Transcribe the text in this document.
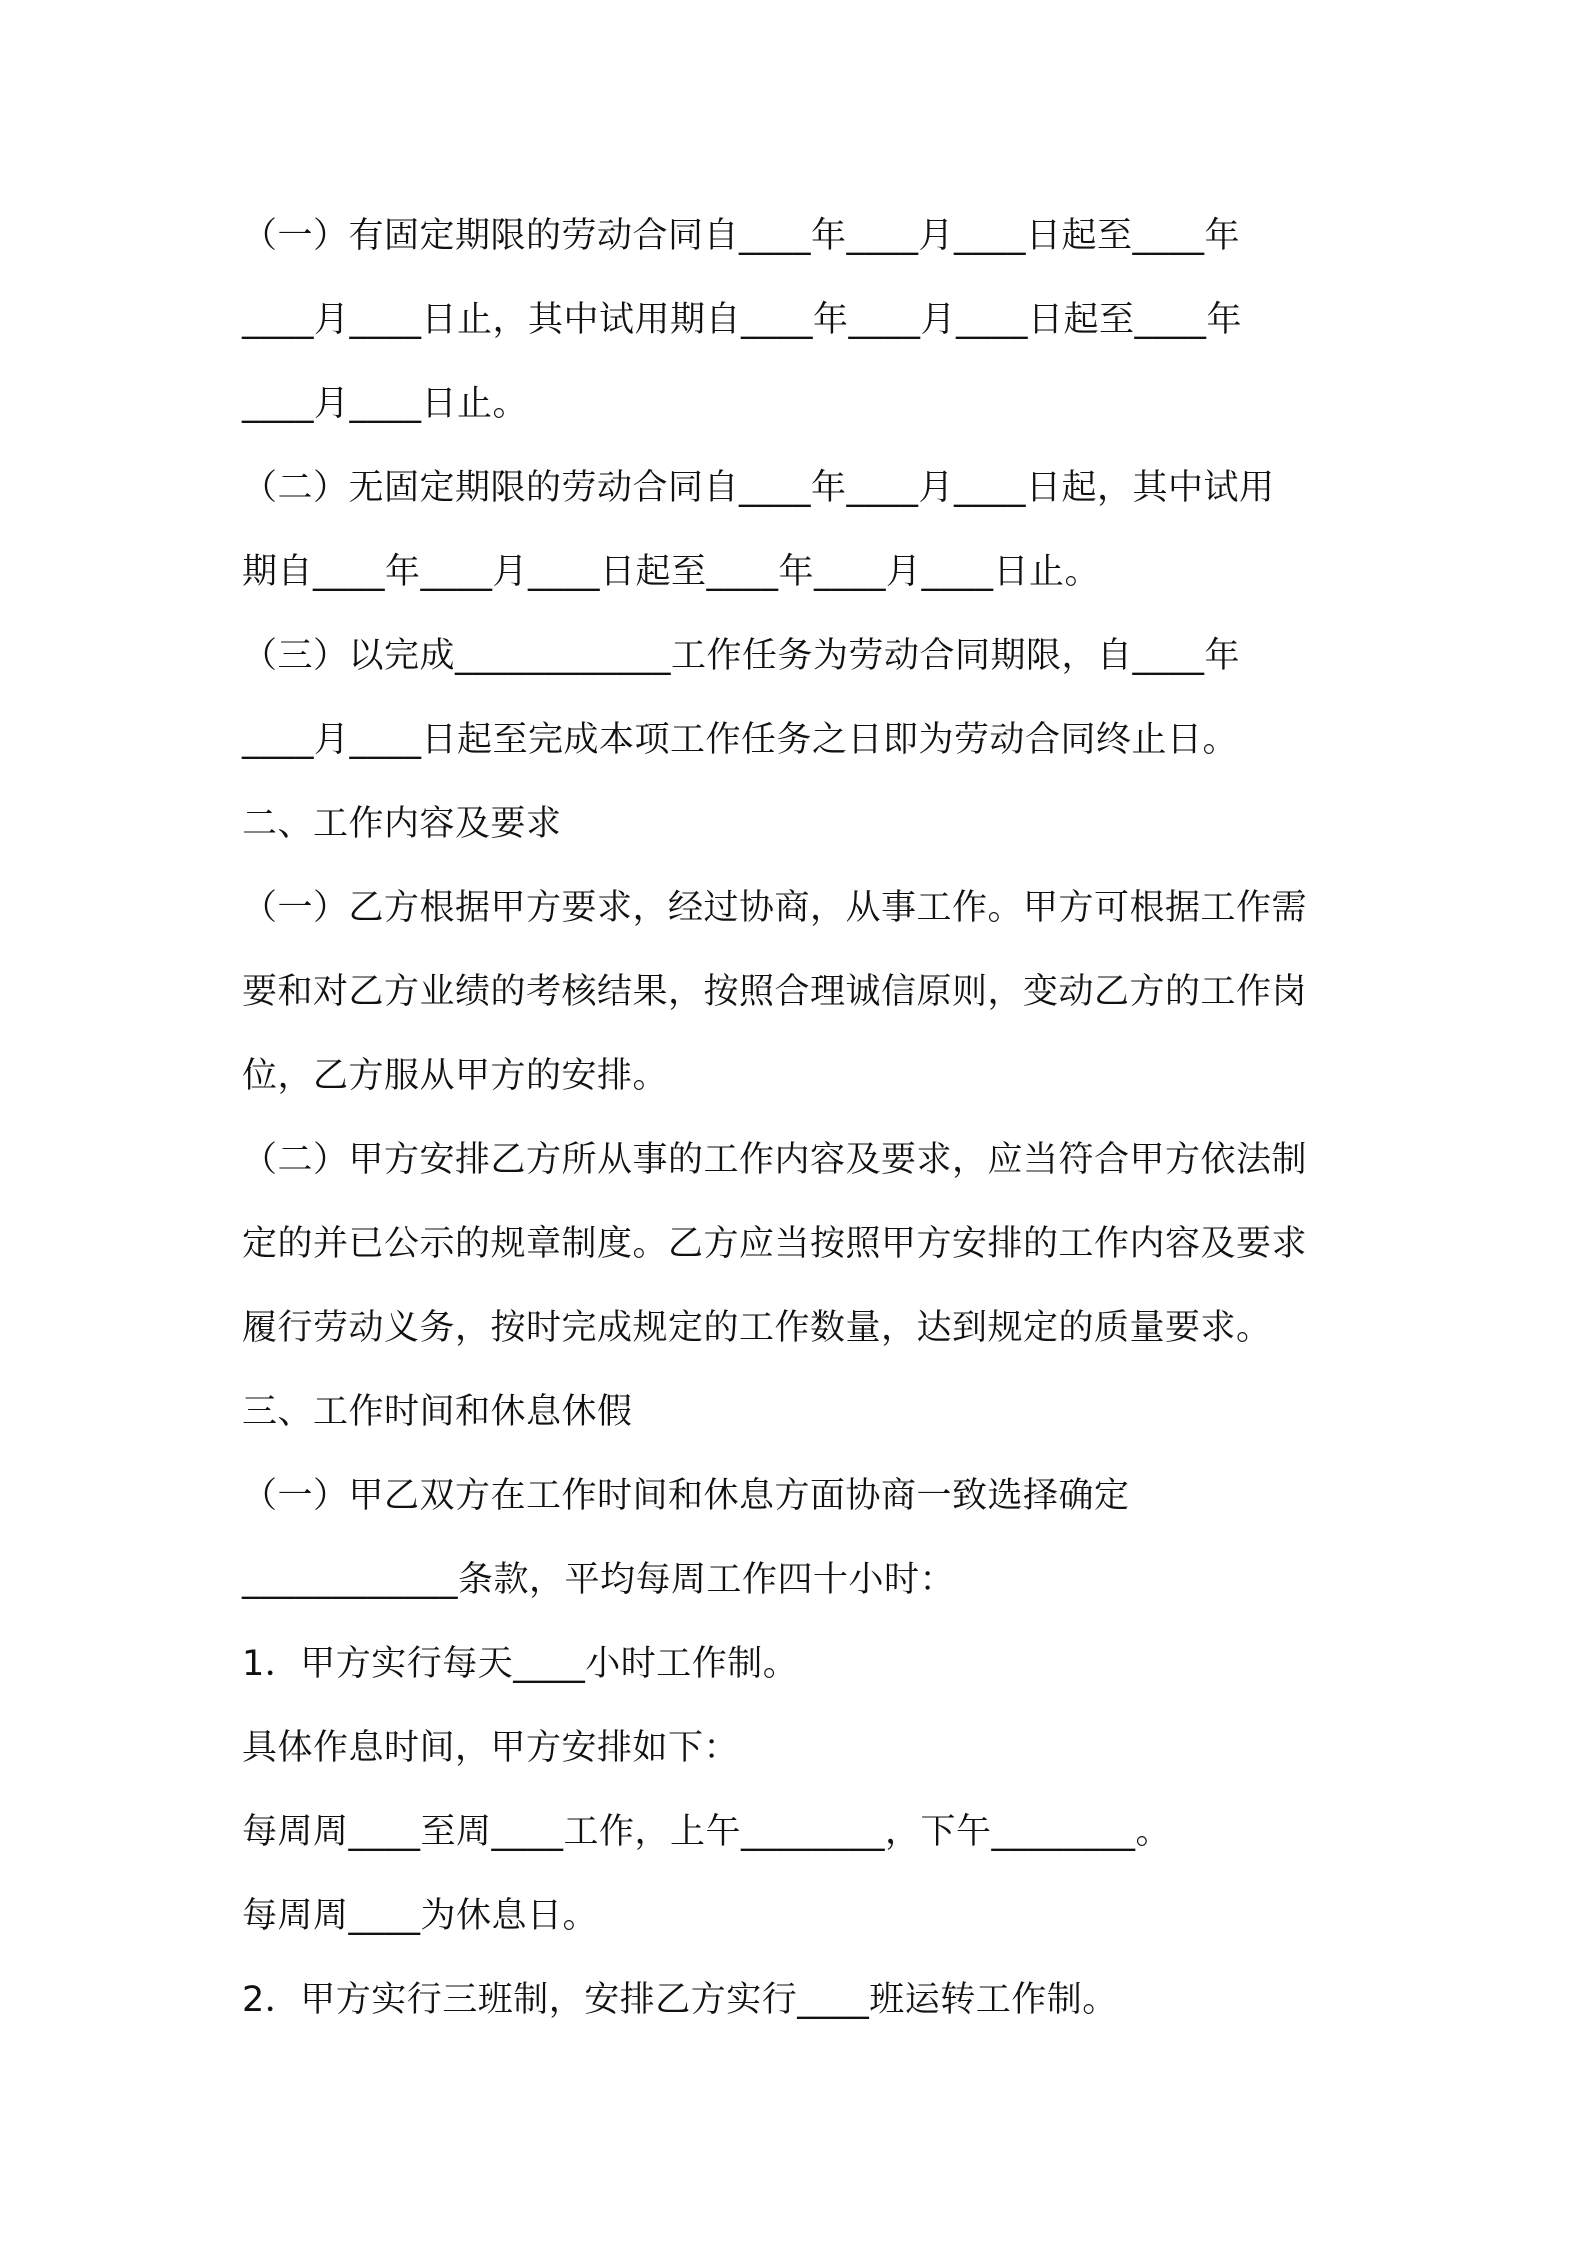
（一）有固定期限的劳动合同自____年____月____日起至____年
____月____日止，其中试用期自____年____月____日起至____年
____月____日止。
（二）无固定期限的劳动合同自____年____月____日起，其中试用
期自____年____月____日起至____年____月____日止。
（三）以完成____________工作任务为劳动合同期限，自____年
____月____日起至完成本项工作任务之日即为劳动合同终止日。
二、工作内容及要求
（一）乙方根据甲方要求，经过协商，从事工作。甲方可根据工作需
要和对乙方业绩的考核结果，按照合理诚信原则，变动乙方的工作岗
位，乙方服从甲方的安排。
（二）甲方安排乙方所从事的工作内容及要求，应当符合甲方依法制
定的并已公示的规章制度。乙方应当按照甲方安排的工作内容及要求
履行劳动义务，按时完成规定的工作数量，达到规定的质量要求。
三、工作时间和休息休假
（一）甲乙双方在工作时间和休息方面协商一致选择确定
____________条款，平均每周工作四十小时：
1．甲方实行每天____小时工作制。
具体作息时间，甲方安排如下：
每周周____至周____工作，上午________，下午________。
每周周____为休息日。
2．甲方实行三班制，安排乙方实行____班运转工作制。
